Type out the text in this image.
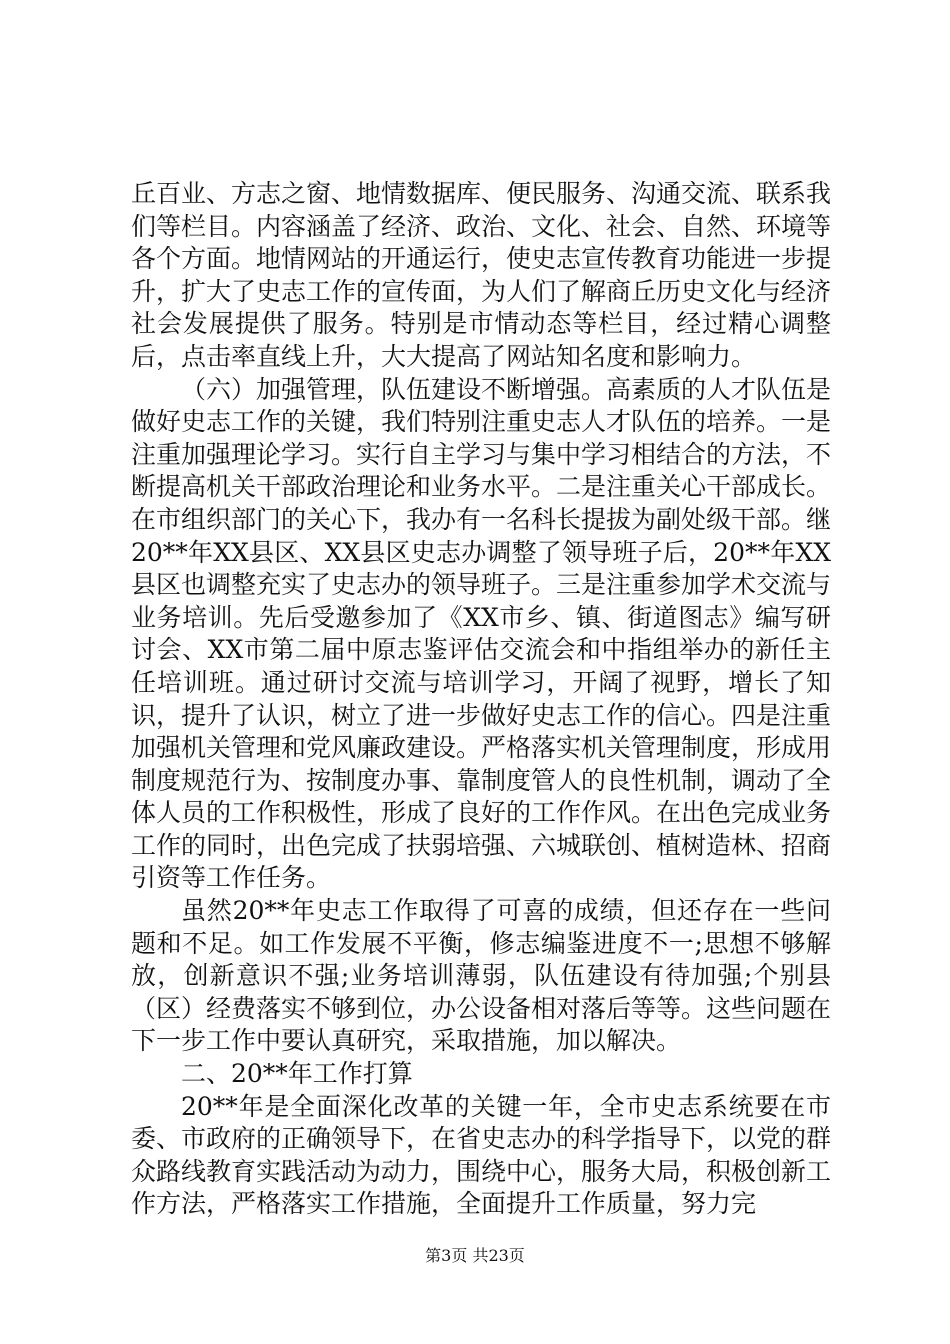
丘百业、方志之窗、地情数据库、便民服务、沟通交流、联系我们等栏目。内容涵盖了经济、政治、文化、社会、自然、环境等各个方面。地情网站的开通运行，使史志宣传教育功能进一步提升，扩大了史志工作的宣传面，为人们了解商丘历史文化与经济社会发展提供了服务。特别是市情动态等栏目，经过精心调整后，点击率直线上升，大大提高了网站知名度和影响力。

（六）加强管理，队伍建设不断增强。高素质的人才队伍是做好史志工作的关键，我们特别注重史志人才队伍的培养。一是注重加强理论学习。实行自主学习与集中学习相结合的方法，不断提高机关干部政治理论和业务水平。二是注重关心干部成长。在市组织部门的关心下，我办有一名科长提拔为副处级干部。继20**年XX县区、XX县区史志办调整了领导班子后，20**年XX县区也调整充实了史志办的领导班子。三是注重参加学术交流与业务培训。先后受邀参加了《XX市乡、镇、街道图志》编写研讨会、XX市第二届中原志鉴评估交流会和中指组举办的新任主任培训班。通过研讨交流与培训学习，开阔了视野，增长了知识，提升了认识，树立了进一步做好史志工作的信心。四是注重加强机关管理和党风廉政建设。严格落实机关管理制度，形成用制度规范行为、按制度办事、靠制度管人的良性机制，调动了全体人员的工作积极性，形成了良好的工作作风。在出色完成业务工作的同时，出色完成了扶弱培强、六城联创、植树造林、招商引资等工作任务。

虽然20**年史志工作取得了可喜的成绩，但还存在一些问题和不足。如工作发展不平衡，修志编鉴进度不一;思想不够解放，创新意识不强;业务培训薄弱，队伍建设有待加强;个别县（区）经费落实不够到位，办公设备相对落后等等。这些问题在下一步工作中要认真研究，采取措施，加以解决。

二、20**年工作打算

20**年是全面深化改革的关键一年，全市史志系统要在市委、市政府的正确领导下，在省史志办的科学指导下，以党的群众路线教育实践活动为动力，围绕中心，服务大局，积极创新工作方法，严格落实工作措施，全面提升工作质量，努力完

第3页 共23页
